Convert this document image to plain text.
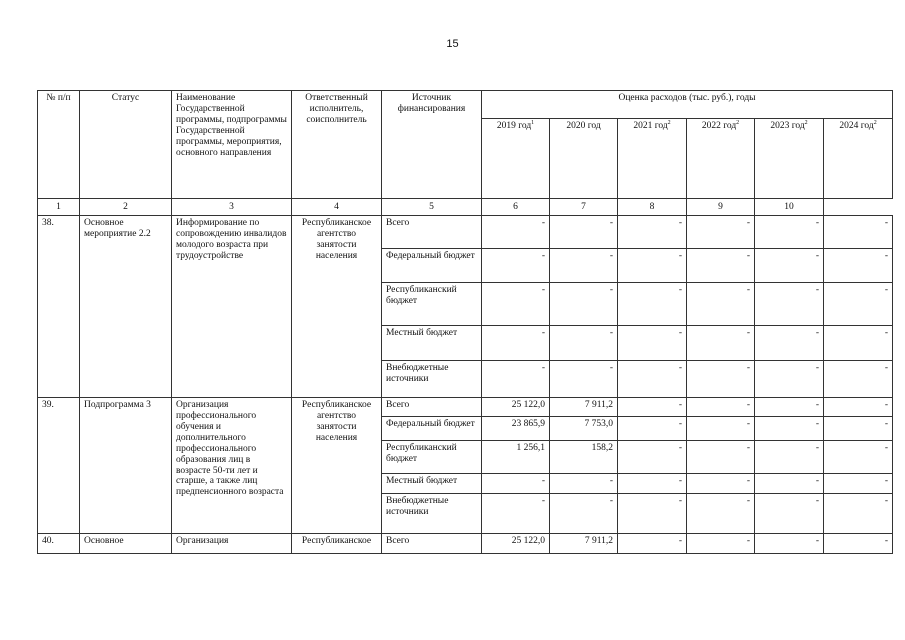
15
№ п/п	Статус	Наименование Государственной программы, подпрограммы Государственной программы, мероприятия, основного направления	Ответственный исполнитель, соисполнитель	Источник финансирования	Оценка расходов (тыс. руб.), годы					
					2019 год$^1$	2020 год	2021 год$^2$	2022 год$^2$	2023 год$^2$	2024 год$^2$
1	2	3	4	5	6	7	8	9	10	
38.	Основное мероприятие 2.2	Информирование по сопровождению инвалидов молодого возраста при трудоустройстве	Республиканское агентство занятости населения	Всего	-	-	-	-	-	-
				Федеральный бюджет	-	-	-	-	-	-
				Республиканский бюджет	-	-	-	-	-	-
				Местный бюджет	-	-	-	-	-	-
				Внебюджетные источники	-	-	-	-	-	-
39.	Подпрограмма 3	Организация профессионального обучения и дополнительного профессионального образования лиц в возрасте 50-ти лет и старше, а также лиц предпенсионного возраста	Республиканское агентство занятости населения	Всего	25 122,0	7 911,2	-	-	-	-
				Федеральный бюджет	23 865,9	7 753,0	-	-	-	-
				Республиканский бюджет	1 256,1	158,2	-	-	-	-
				Местный бюджет	-	-	-	-	-	-
				Внебюджетные источники	-	-	-	-	-	-
40.	Основное	Организация	Республиканское	Всего	25 122,0	7 911,2	-	-	-	-
